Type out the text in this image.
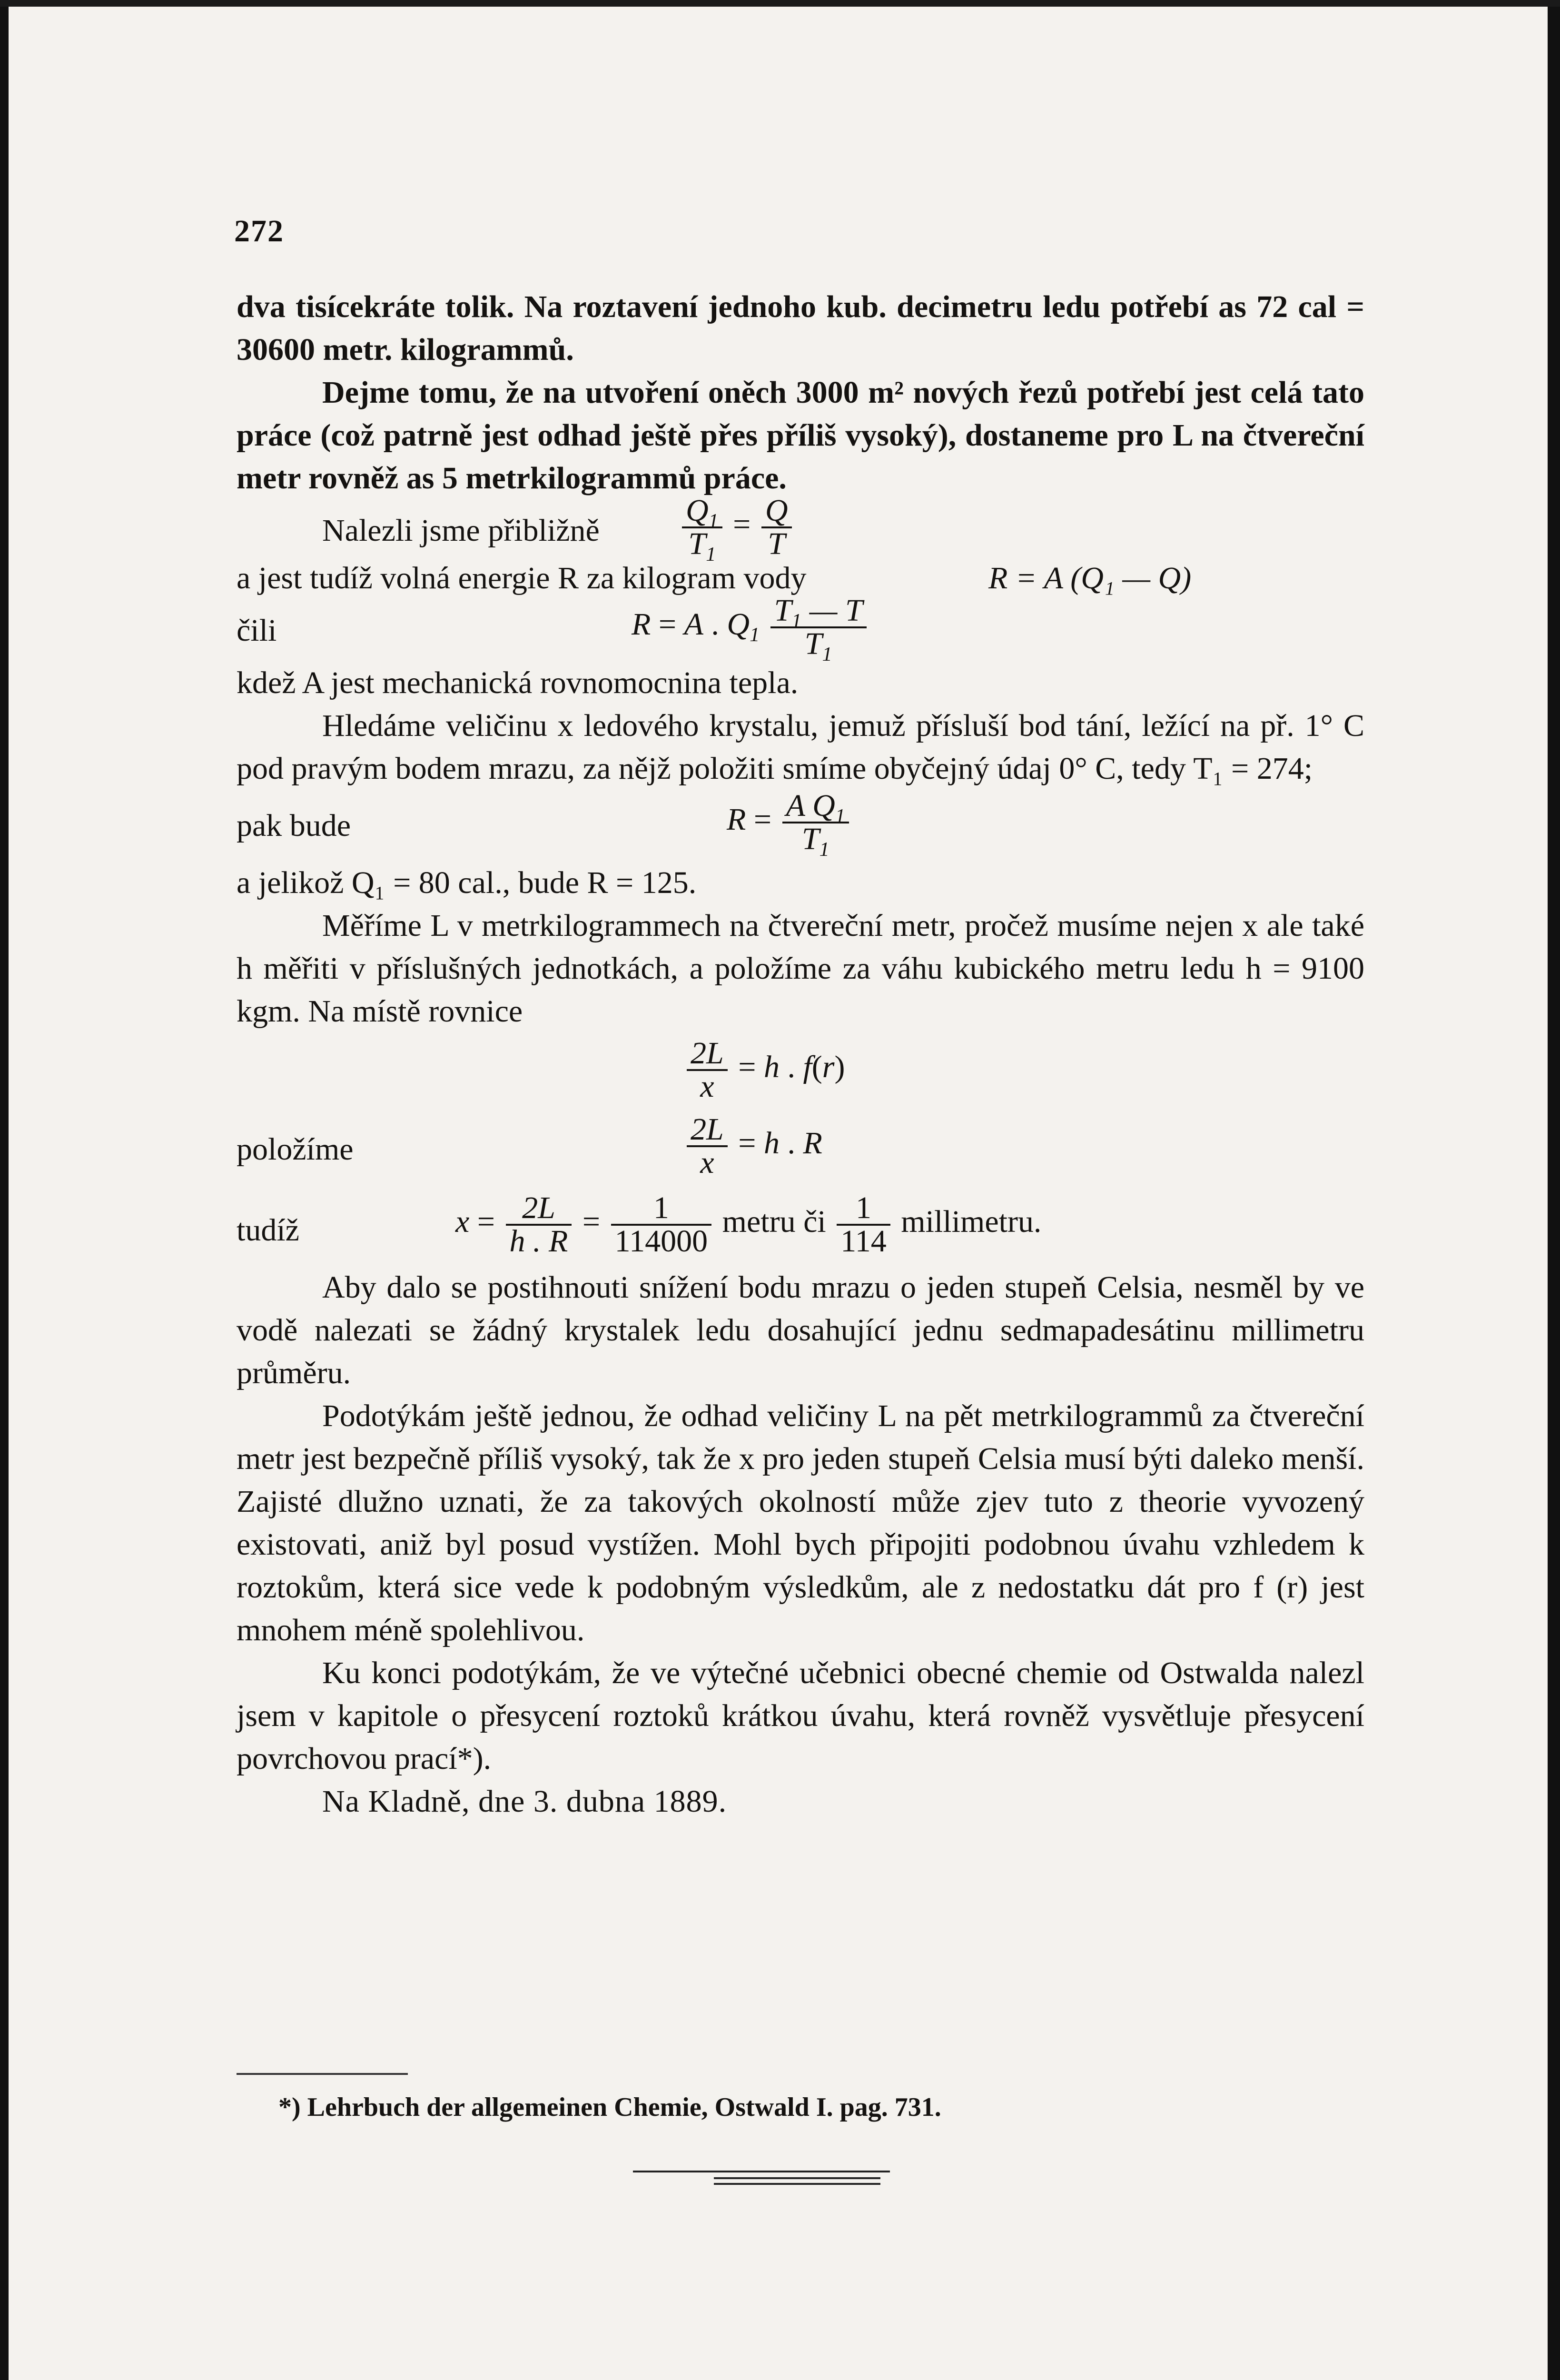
272

dva tisícekráte tolik. Na roztavení jednoho kub. decimetru ledu potřebí as 72 cal = 30600 metr. kilogrammů.

Dejme tomu, že na utvoření oněch 3000 m² nových řezů potřebí jest celá tato práce (což patrně jest odhad ještě přes příliš vysoký), dostaneme pro L na čtvereční metr rovněž as 5 metrkilogrammů práce.

Nalezli jsme přibližně	$\frac{Q_1}{T_1} = \frac{Q}{T}$
a jest tudíž volná energie R za kilogram vody	R = A (Q₁ — Q)
čili	R = A . $Q_1 \frac{T_1 — T}{T_1}$

kdež A jest mechanická rovnomocnina tepla.

Hledáme veličinu x ledového krystalu, jemuž přísluší bod tání, ležící na př. 1° C pod pravým bodem mrazu, za nějž položiti smíme obyčejný údaj 0° C, tedy T₁ = 274;

pak bude	$R = \frac{A Q_1}{T_1}$

a jelikož Q₁ = 80 cal., bude R = 125.

Měříme L v metrkilogrammech na čtvereční metr, pročež musíme nejen x ale také h měřiti v příslušných jednotkách, a položíme za váhu kubického metru ledu h = 9100 kgm. Na místě rovnice

$\frac{2L}{x} = h$ . f(r)
položíme	$\frac{2L}{x} = h$ . R
tudíž	$x = \frac{2L}{h . R} = \frac{1}{114000}$ metru či $\frac{1}{114}$ millimetru.

Aby dalo se postihnouti snížení bodu mrazu o jeden stupeň Celsia, nesměl by ve vodě nalezati se žádný krystalek ledu dosahující jednu sedmapadesátinu millimetru průměru.

Podotýkám ještě jednou, že odhad veličiny L na pět metrkilogrammů za čtvereční metr jest bezpečně příliš vysoký, tak že x pro jeden stupeň Celsia musí býti daleko menší. Zajisté dlužno uznati, že za takových okolností může zjev tuto z theorie vyvozený existovati, aniž byl posud vystížen. Mohl bych připojiti podobnou úvahu vzhledem k roztokům, která sice vede k podobným výsledkům, ale z nedostatku dát pro f (r) jest mnohem méně spolehlivou.

Ku konci podotýkám, že ve výtečné učebnici obecné chemie od Ostwalda nalezl jsem v kapitole o přesycení roztoků krátkou úvahu, která rovněž vysvětluje přesycení povrchovou prací*).

Na Kladně, dne 3. dubna 1889.

*) Lehrbuch der allgemeinen Chemie, Ostwald I. pag. 731.
